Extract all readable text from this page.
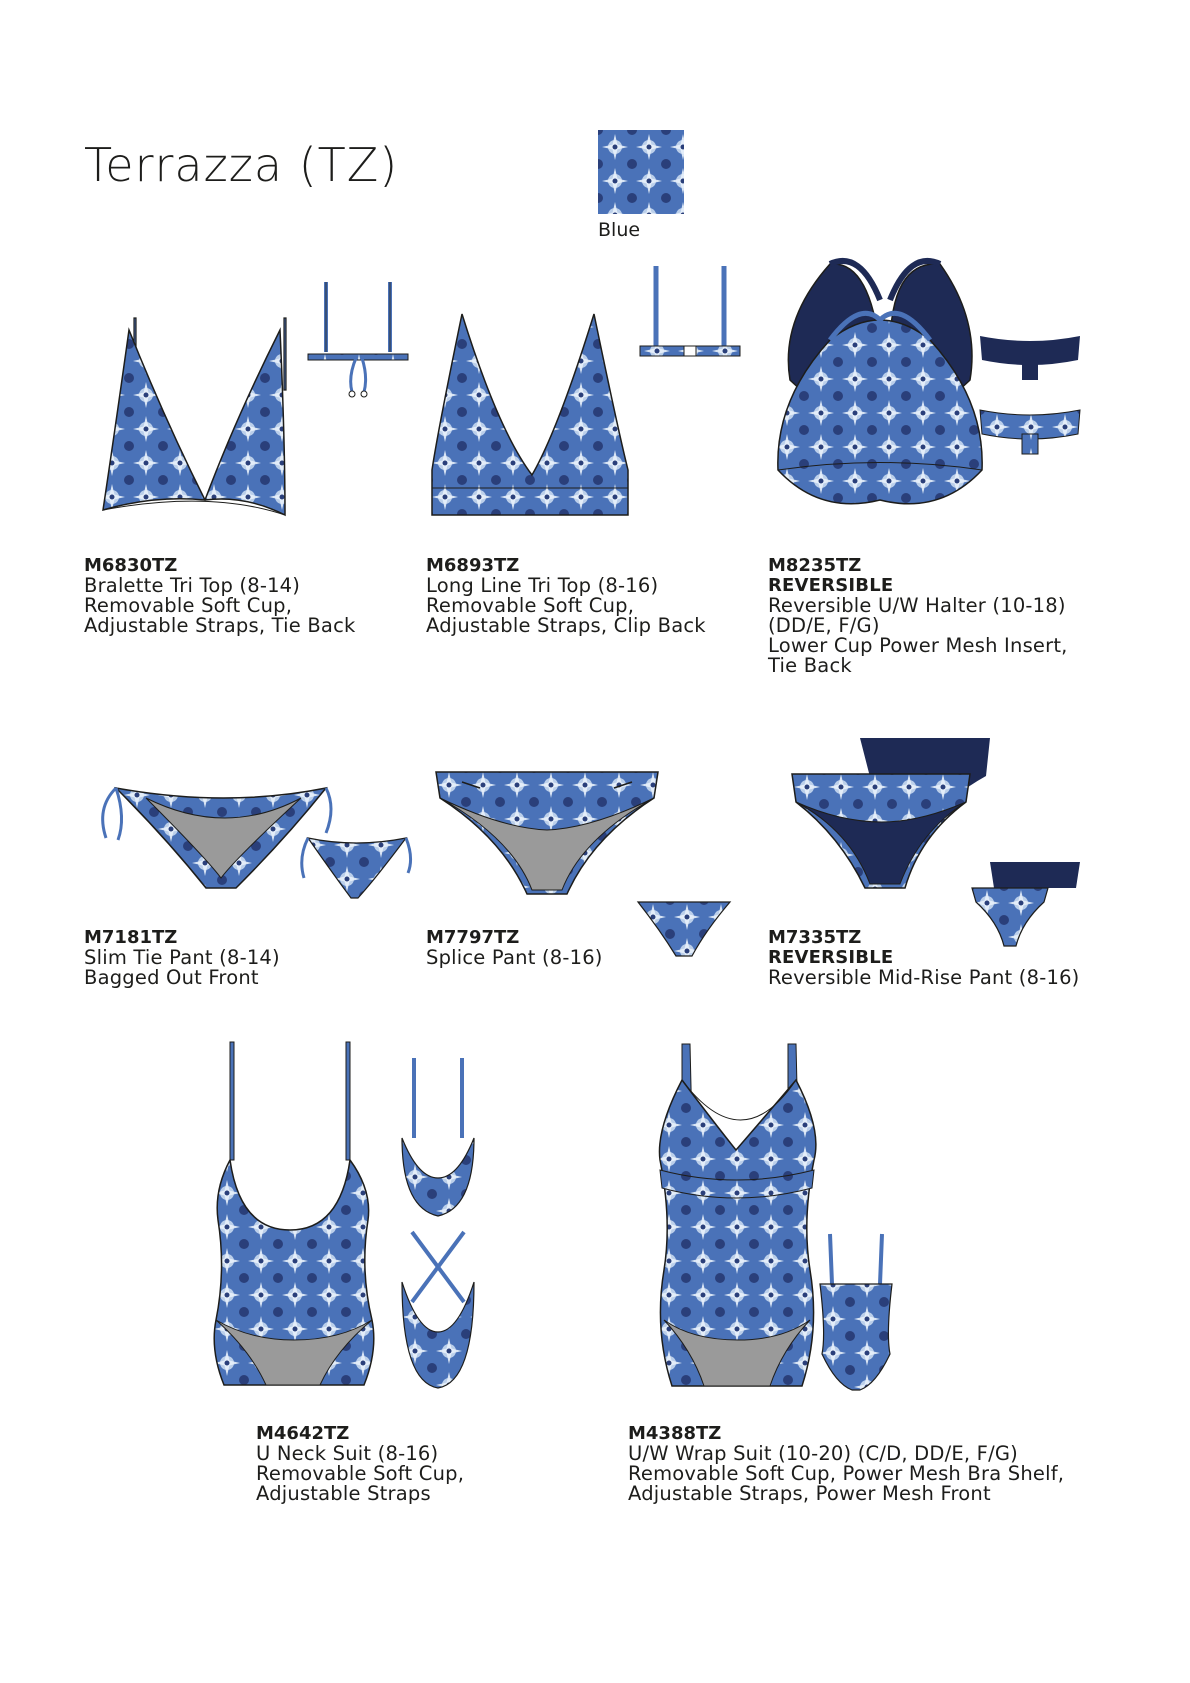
Terrazza (TZ)
Blue
M6830TZ
Bralette Tri Top (8-14)
Removable Soft Cup,
Adjustable Straps, Tie Back
M6893TZ
Long Line Tri Top (8-16)
Removable Soft Cup,
Adjustable Straps, Clip Back
M8235TZ
REVERSIBLE
Reversible U/W Halter (10-18)
(DD/E, F/G)
Lower Cup Power Mesh Insert,
Tie Back
M7181TZ
Slim Tie Pant (8-14)
Bagged Out Front
M7797TZ
Splice Pant (8-16)
M7335TZ
REVERSIBLE
Reversible Mid-Rise Pant (8-16)
M4642TZ
U Neck Suit (8-16)
Removable Soft Cup,
Adjustable Straps
M4388TZ
U/W Wrap Suit (10-20) (C/D, DD/E, F/G)
Removable Soft Cup, Power Mesh Bra Shelf,
Adjustable Straps, Power Mesh Front
